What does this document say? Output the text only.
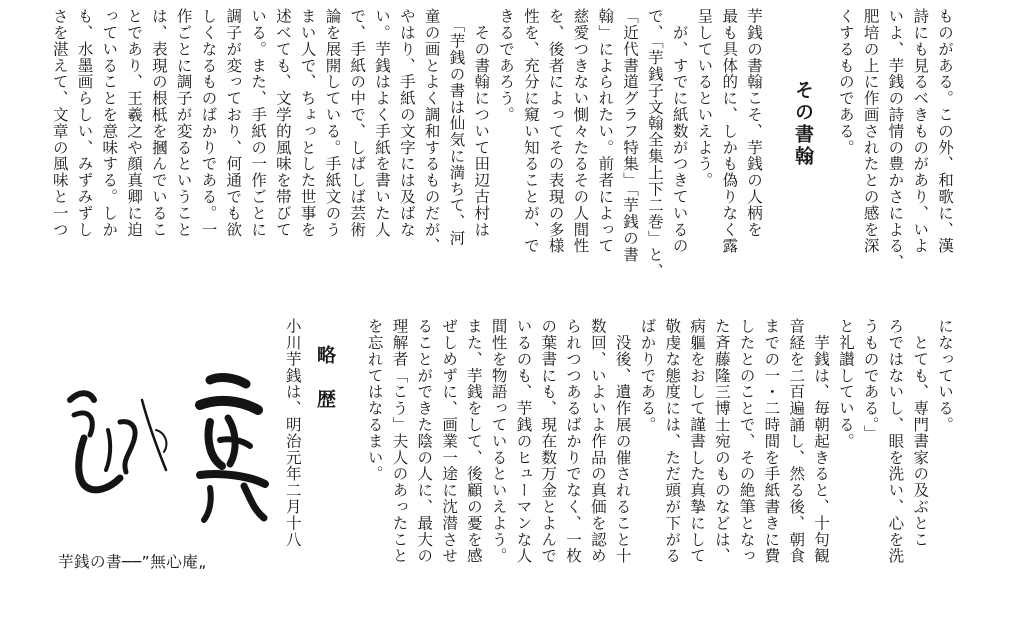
ものがある。この外、和歌に、漢
詩にも見るべきものがあり、いよ
いよ、芋銭の詩情の豊かさによる、
肥培の上に作画されたとの感を深
くするものである。
その書翰
芋銭の書翰こそ、芋銭の人柄を
最も具体的に、しかも偽りなく露
呈しているといえよう。
　が、すでに紙数がつきているの
で、「芋銭子文翰全集上下二巻」と、
「近代書道グラフ特集」「芋銭の書
翰」によられたい。前者によって
慈愛つきない惻々たるその人間性
を、後者によってその表現の多様
性を、充分に窺い知ることが、で
きるであろう。
　その書翰について田辺古村は
　「芋銭の書は仙気に満ちて、河
童の画とよく調和するものだが、
やはり、手紙の文字には及ばな
い。芋銭はよく手紙を書いた人
で、手紙の中で、しばしば芸術
論を展開している。手紙文のう
まい人で、ちょっとした世事を
述べても、文学的風味を帯びて
いる。また、手紙の一作ごとに
調子が変っており、何通でも欲
しくなるものばかりである。一
作ごとに調子が変るということ
は、表現の根柢を摑んでいるこ
とであり、王羲之や顔真卿に迫
っていることを意味する。しか
も、水墨画らしい、みずみずし
さを湛えて、文章の風味と一つ
になっている。
　とても、専門書家の及ぶとこ
ろではないし、眼を洗い、心を洗
うものである。」
と礼讃している。
　芋銭は、毎朝起きると、十句観
音経を二百遍誦し、然る後、朝食
までの一・二時間を手紙書きに費
したとのことで、その絶筆となっ
た斉藤隆三博士宛のものなどは、
病軀をおして謹書した真摯にして
敬虔な態度には、ただ頭が下がる
ばかりである。
　没後、遺作展の催されること十
数回、いよいよ作品の真価を認め
られつつあるばかりでなく、一枚
の葉書にも、現在数万金とよんで
いるのも、芋銭のヒューマンな人
間性を物語っているといえよう。
また、芋銭をして、後顧の憂を感
ぜしめずに、画業一途に沈潜させ
ることができた陰の人に、最大の
理解者「こう」夫人のあったこと
を忘れてはなるまい。
略　歴
小川芋銭は、明治元年二月十八
芋銭の書──”無心庵„
